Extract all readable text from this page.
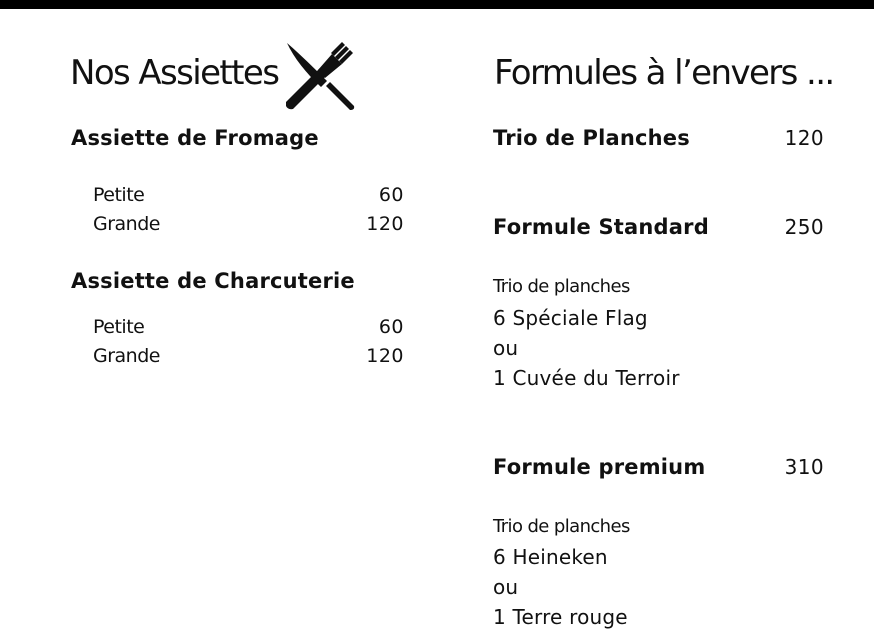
Nos Assiettes
Assiette de Fromage
Petite	60
Grande	120
Assiette de Charcuterie
Petite	60
Grande	120
Formules à l’envers ...
Trio de Planches	120
Formule Standard	250
Trio de planches
6 Spéciale Flag
ou
1 Cuvée du Terroir
Formule premium	310
Trio de planches
6 Heineken
ou
1 Terre rouge
